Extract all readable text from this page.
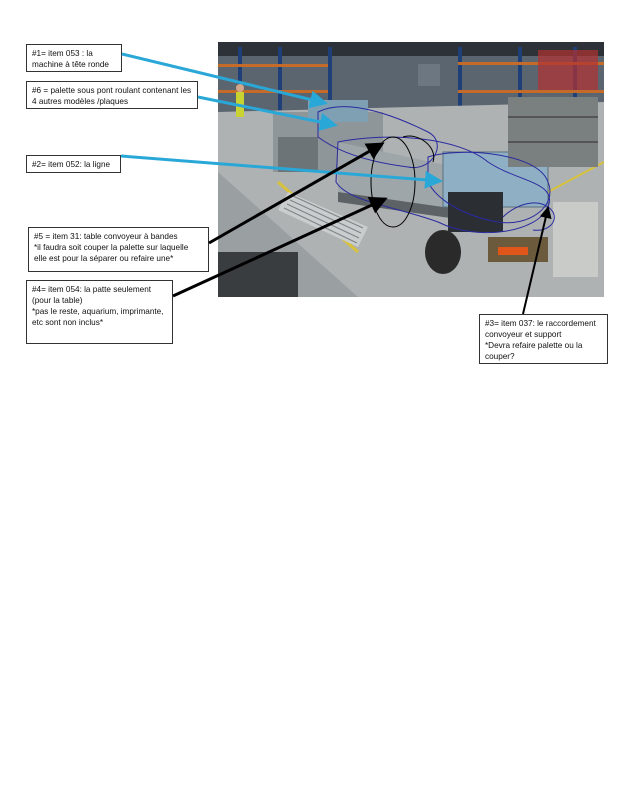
#1= item 053 : la
machine à tête ronde
#6 = palette sous pont roulant contenant les
4 autres modèles /plaques
#2= item 052: la ligne
#5 = item 31: table convoyeur à bandes
*il faudra soit couper la palette sur laquelle
elle est pour la séparer ou refaire une*
#4= item 054: la patte seulement
(pour la table)
*pas le reste, aquarium, imprimante,
etc sont non inclus*	#3= item 037: le raccordement
convoyeur et support
*Devra refaire palette ou la
couper?
